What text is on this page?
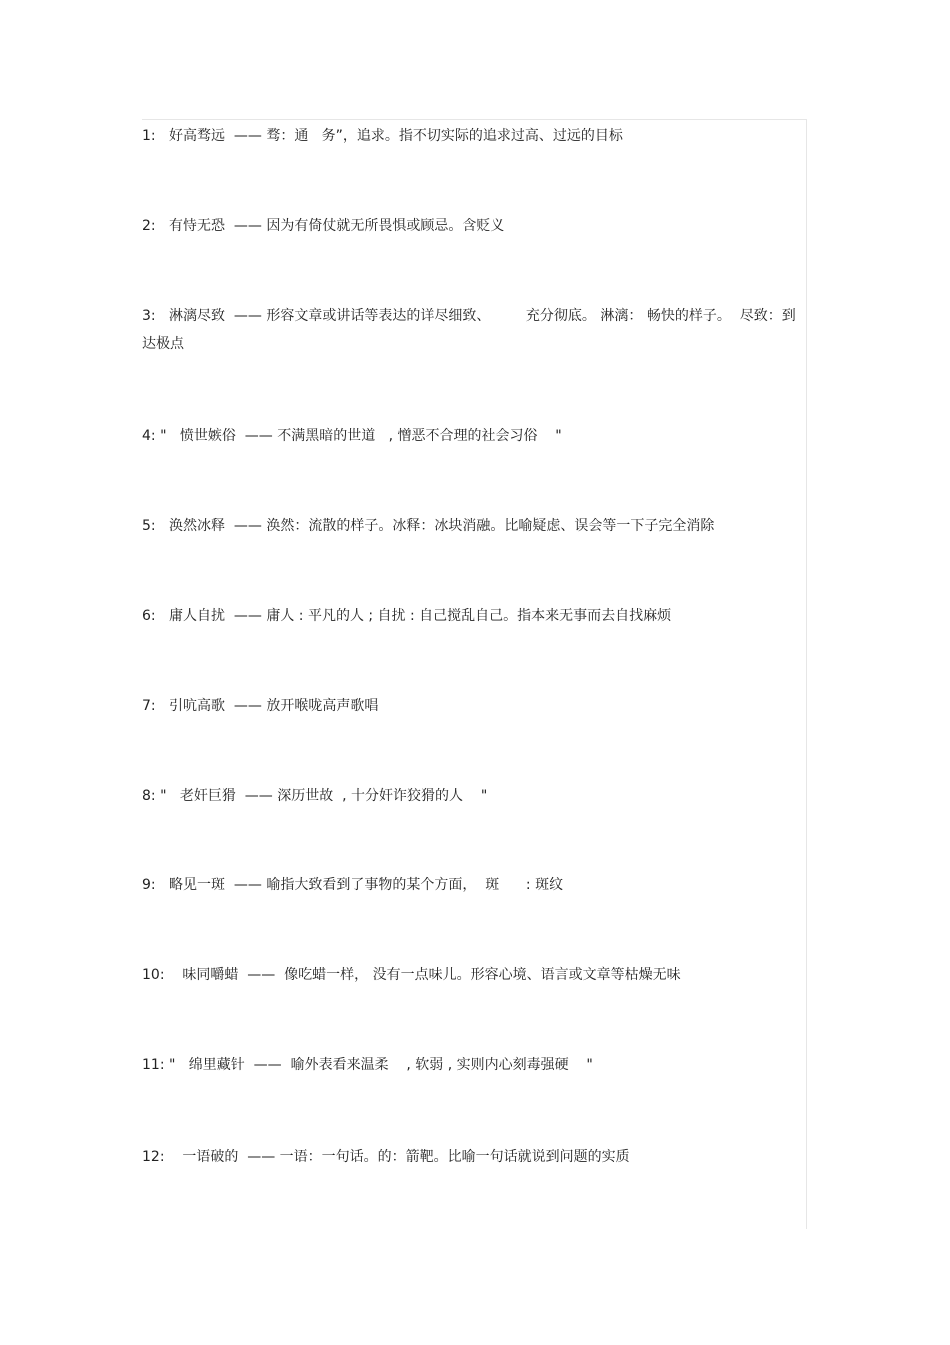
1:   好高骛远  —— 骛：通   务”，追求。指不切实际的追求过高、过远的目标

2:   有恃无恐  —— 因为有倚仗就无所畏惧或顾忌。含贬义

3:   淋漓尽致  —— 形容文章或讲话等表达的详尽细致、        充分彻底。 淋漓： 畅快的样子。  尽致：到达极点

4: "   愤世嫉俗  —— 不满黑暗的世道   , 憎恶不合理的社会习俗    "

5:   涣然冰释  —— 涣然：流散的样子。冰释：冰块消融。比喻疑虑、误会等一下子完全消除

6:   庸人自扰  —— 庸人 : 平凡的人 ; 自扰 : 自己搅乱自己。指本来无事而去自找麻烦

7:   引吭高歌  —— 放开喉咙高声歌唱

8: "   老奸巨猾  —— 深历世故  , 十分奸诈狡猾的人    "

9:   略见一斑  —— 喻指大致看到了事物的某个方面，  斑      : 斑纹

10:    味同嚼蜡  ——  像吃蜡一样， 没有一点味儿。形容心境、语言或文章等枯燥无味

11: "   绵里藏针  ——  喻外表看来温柔    , 软弱 , 实则内心刻毒强硬    "

12:    一语破的  —— 一语：一句话。的：箭靶。比喻一句话就说到问题的实质
